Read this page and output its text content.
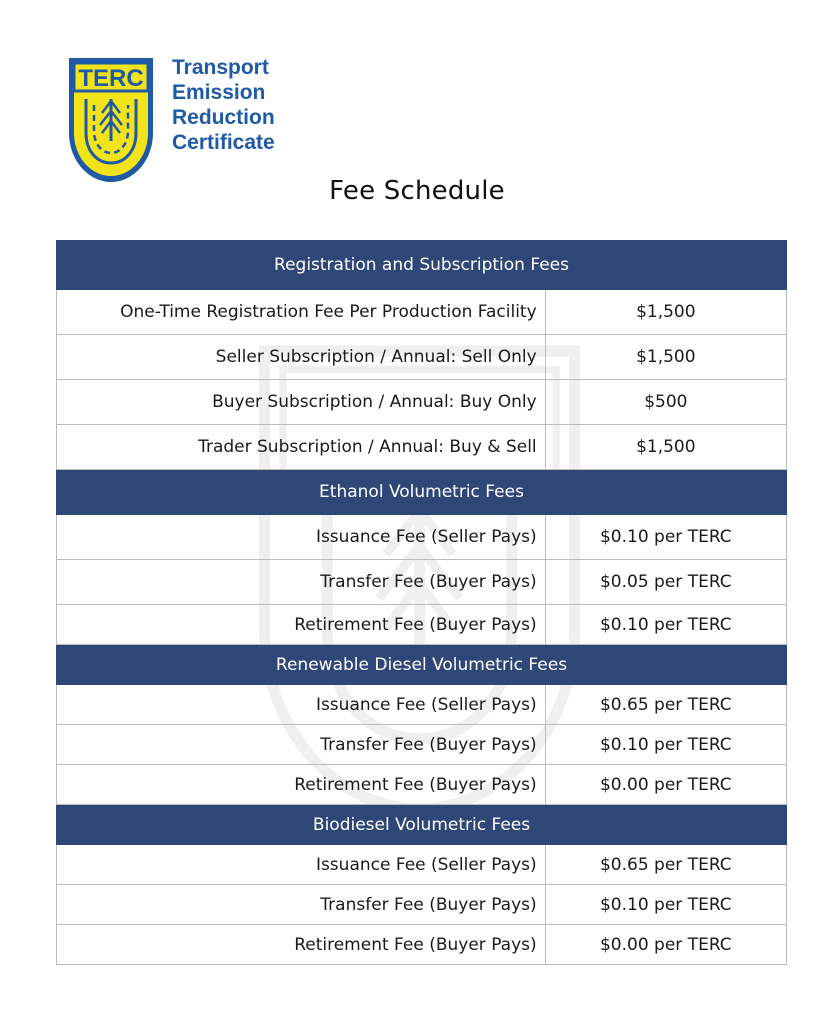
TERC Transport
Emission
Reduction
Certificate
Fee Schedule
Registration and Subscription Fees	
One-Time Registration Fee Per Production Facility	$1,500
Seller Subscription / Annual: Sell Only	$1,500
Buyer Subscription / Annual: Buy Only	$500
Trader Subscription / Annual: Buy & Sell	$1,500
Ethanol Volumetric Fees	
Issuance Fee (Seller Pays)	$0.10 per TERC
Transfer Fee (Buyer Pays)	$0.05 per TERC
Retirement Fee (Buyer Pays)	$0.10 per TERC
Renewable Diesel Volumetric Fees	
Issuance Fee (Seller Pays)	$0.65 per TERC
Transfer Fee (Buyer Pays)	$0.10 per TERC
Retirement Fee (Buyer Pays)	$0.00 per TERC
Biodiesel Volumetric Fees	
Issuance Fee (Seller Pays)	$0.65 per TERC
Transfer Fee (Buyer Pays)	$0.10 per TERC
Retirement Fee (Buyer Pays)	$0.00 per TERC
